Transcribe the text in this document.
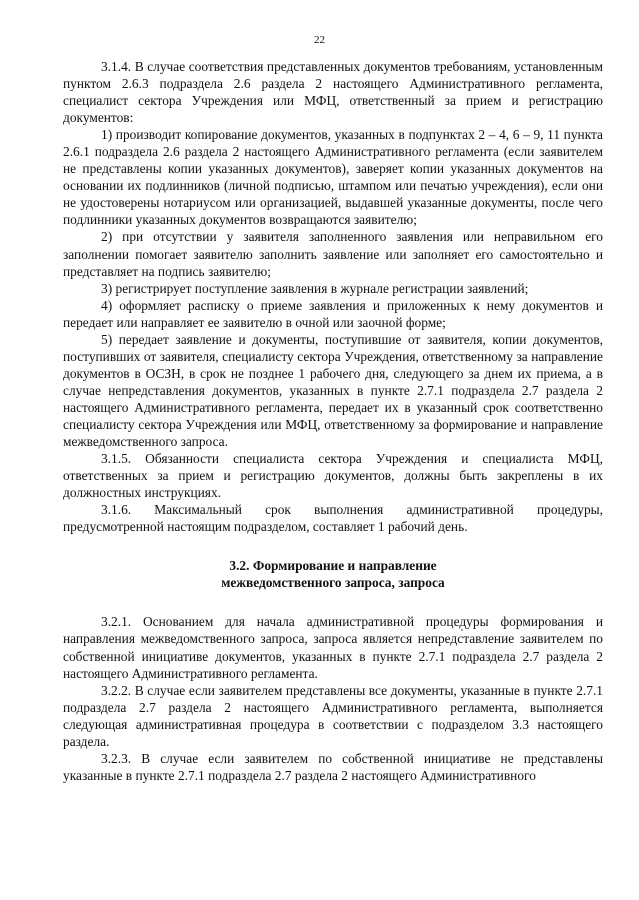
22

3.1.4. В случае соответствия представленных документов требованиям, установленным пунктом 2.6.3 подраздела 2.6 раздела 2 настоящего Административного регламента, специалист сектора Учреждения или МФЦ, ответственный за прием и регистрацию документов:

1) производит копирование документов, указанных в подпунктах 2 – 4, 6 – 9, 11 пункта 2.6.1 подраздела 2.6 раздела 2 настоящего Административного регламента (если заявителем не представлены копии указанных документов), заверяет копии указанных документов на основании их подлинников (личной подписью, штампом или печатью учреждения), если они не удостоверены нотариусом или организацией, выдавшей указанные документы, после чего подлинники указанных документов возвращаются заявителю;

2) при отсутствии у заявителя заполненного заявления или неправильном его заполнении помогает заявителю заполнить заявление или заполняет его самостоятельно и представляет на подпись заявителю;

3) регистрирует поступление заявления в журнале регистрации заявлений;

4) оформляет расписку о приеме заявления и приложенных к нему документов и передает или направляет ее заявителю в очной или заочной форме;

5) передает заявление и документы, поступившие от заявителя, копии документов, поступивших от заявителя, специалисту сектора Учреждения, ответственному за направление документов в ОСЗН, в срок не позднее 1 рабочего дня, следующего за днем их приема, а в случае непредставления документов, указанных в пункте 2.7.1 подраздела 2.7 раздела 2 настоящего Административного регламента, передает их в указанный срок соответственно специалисту сектора Учреждения или МФЦ, ответственному за формирование и направление межведомственного запроса.

3.1.5. Обязанности специалиста сектора Учреждения и специалиста МФЦ, ответственных за прием и регистрацию документов, должны быть закреплены в их должностных инструкциях.

3.1.6. Максимальный срок выполнения административной процедуры, предусмотренной настоящим подразделом, составляет 1 рабочий день.

3.2. Формирование и направление
межведомственного запроса, запроса

3.2.1. Основанием для начала административной процедуры формирования и направления межведомственного запроса, запроса является непредставление заявителем по собственной инициативе документов, указанных в пункте 2.7.1 подраздела 2.7 раздела 2 настоящего Административного регламента.

3.2.2. В случае если заявителем представлены все документы, указанные в пункте 2.7.1 подраздела 2.7 раздела 2 настоящего Административного регламента, выполняется следующая административная процедура в соответствии с подразделом 3.3 настоящего раздела.

3.2.3. В случае если заявителем по собственной инициативе не представлены указанные в пункте 2.7.1 подраздела 2.7 раздела 2 настоящего Административного
